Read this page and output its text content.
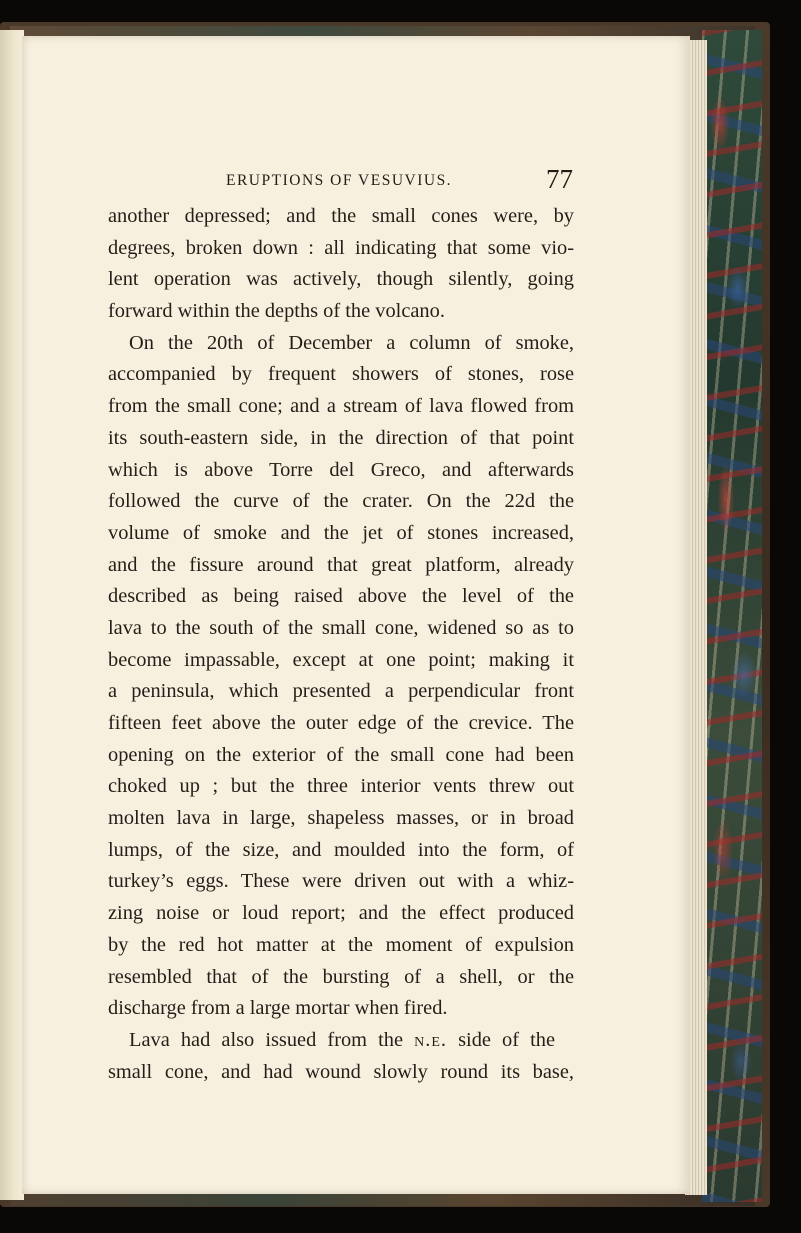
ERUPTIONS OF VESUVIUS.	77
another depressed; and the small cones were, by
degrees, broken down : all indicating that some vio-
lent operation was actively, though silently, going
forward within the depths of the volcano.
On the 20th of December a column of smoke,
accompanied by frequent showers of stones, rose
from the small cone; and a stream of lava flowed from
its south-eastern side, in the direction of that point
which is above Torre del Greco, and afterwards
followed the curve of the crater. On the 22d the
volume of smoke and the jet of stones increased,
and the fissure around that great platform, already
described as being raised above the level of the
lava to the south of the small cone, widened so as to
become impassable, except at one point; making it
a peninsula, which presented a perpendicular front
fifteen feet above the outer edge of the crevice. The
opening on the exterior of the small cone had been
choked up ; but the three interior vents threw out
molten lava in large, shapeless masses, or in broad
lumps, of the size, and moulded into the form, of
turkey’s eggs. These were driven out with a whiz-
zing noise or loud report; and the effect produced
by the red hot matter at the moment of expulsion
resembled that of the bursting of a shell, or the
discharge from a large mortar when fired.
Lava had also issued from the n.e. side of the
small cone, and had wound slowly round its base,
